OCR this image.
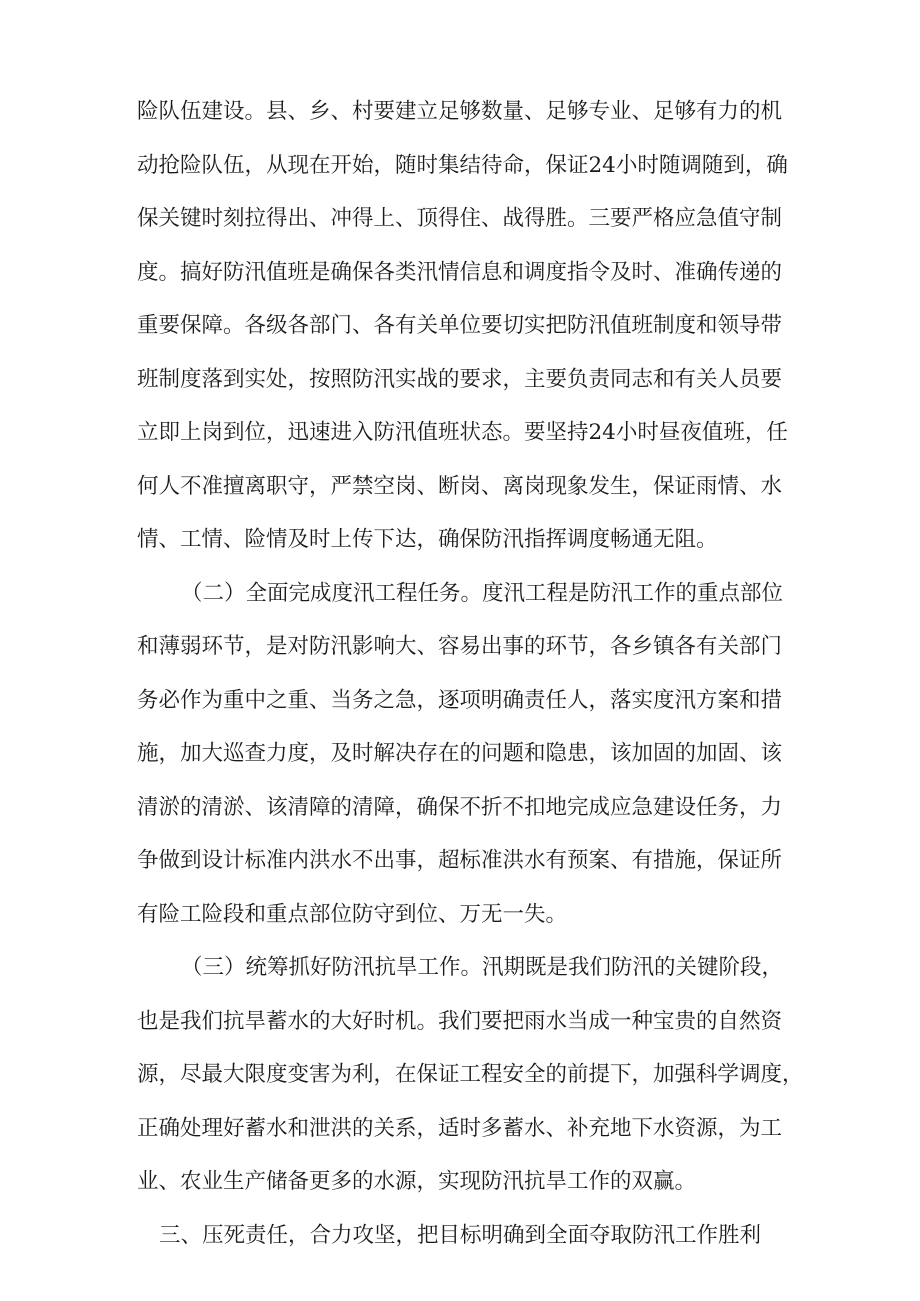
险队伍建设。县、乡、村要建立足够数量、足够专业、足够有力的机
动抢险队伍，从现在开始，随时集结待命，保证24小时随调随到，确
保关键时刻拉得出、冲得上、顶得住、战得胜。三要严格应急值守制
度。搞好防汛值班是确保各类汛情信息和调度指令及时、准确传递的
重要保障。各级各部门、各有关单位要切实把防汛值班制度和领导带
班制度落到实处，按照防汛实战的要求，主要负责同志和有关人员要
立即上岗到位，迅速进入防汛值班状态。要坚持24小时昼夜值班，任
何人不准擅离职守，严禁空岗、断岗、离岗现象发生，保证雨情、水
情、工情、险情及时上传下达，确保防汛指挥调度畅通无阻。
（二）全面完成度汛工程任务。度汛工程是防汛工作的重点部位
和薄弱环节，是对防汛影响大、容易出事的环节，各乡镇各有关部门
务必作为重中之重、当务之急，逐项明确责任人，落实度汛方案和措
施，加大巡查力度，及时解决存在的问题和隐患，该加固的加固、该
清淤的清淤、该清障的清障，确保不折不扣地完成应急建设任务，力
争做到设计标准内洪水不出事，超标准洪水有预案、有措施，保证所
有险工险段和重点部位防守到位、万无一失。
（三）统筹抓好防汛抗旱工作。汛期既是我们防汛的关键阶段，
也是我们抗旱蓄水的大好时机。我们要把雨水当成一种宝贵的自然资
源，尽最大限度变害为利，在保证工程安全的前提下，加强科学调度，
正确处理好蓄水和泄洪的关系，适时多蓄水、补充地下水资源，为工
业、农业生产储备更多的水源，实现防汛抗旱工作的双赢。
三、压死责任，合力攻坚，把目标明确到全面夺取防汛工作胜利
